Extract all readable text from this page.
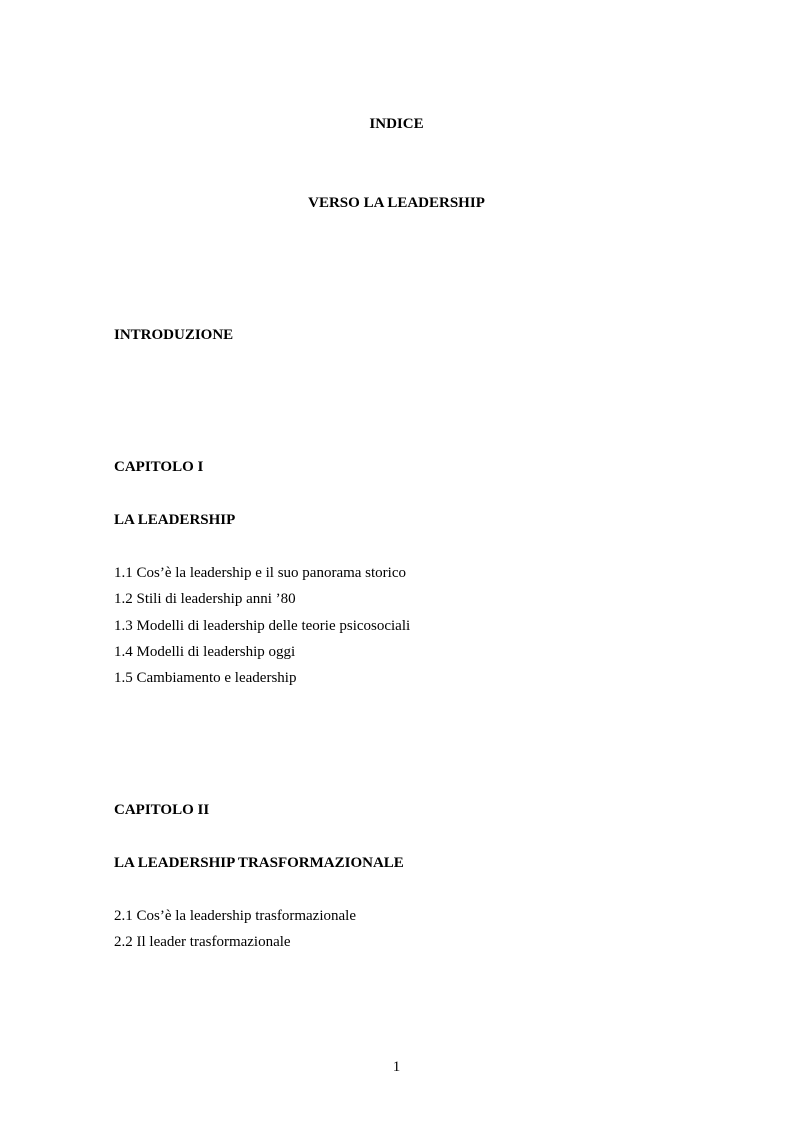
INDICE
VERSO LA LEADERSHIP
INTRODUZIONE
CAPITOLO I
LA LEADERSHIP
1.1 Cos’è la leadership e il suo panorama storico
1.2 Stili di leadership anni ’80
1.3 Modelli di leadership delle teorie psicosociali
1.4 Modelli di leadership oggi
1.5 Cambiamento e leadership
CAPITOLO II
LA LEADERSHIP TRASFORMAZIONALE
2.1 Cos’è la leadership trasformazionale
2.2 Il leader trasformazionale
1
